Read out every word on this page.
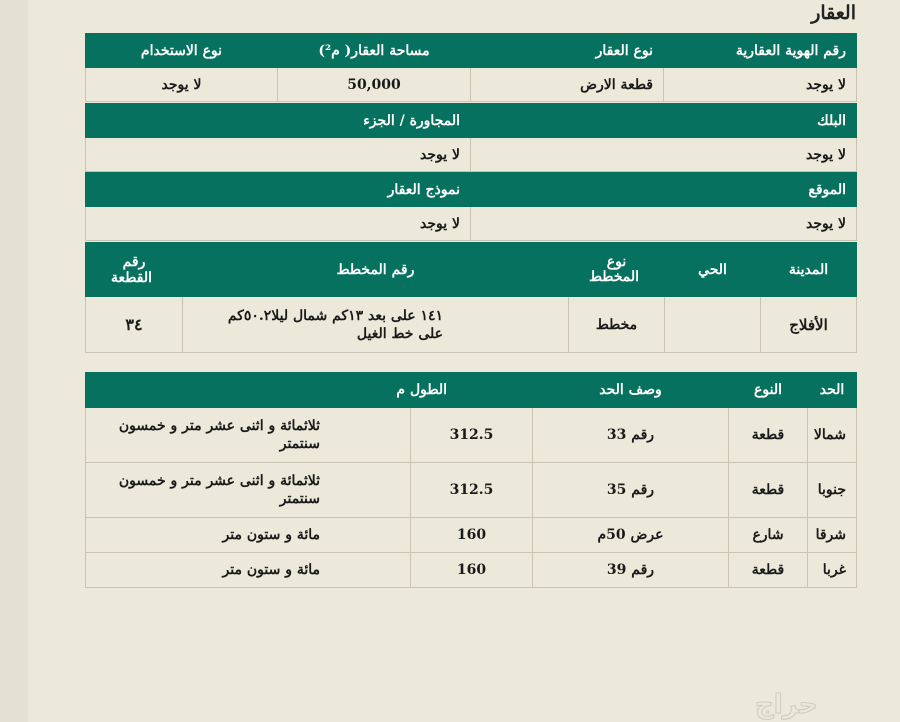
العقار
رقم الهوية العقارية	نوع العقار	مساحة العقار( م²)	نوع الاستخدام
لا يوجد	قطعة الارض	50,000	لا يوجد
البلك	المجاورة / الجزء
لا يوجد	لا يوجد
الموقع	نموذج العقار
لا يوجد	لا يوجد
المدينة	الحي	نوع المخطط	رقم المخطط	رقم القطعة
الأفلاج		مخطط	١٤١ على بعد ١٣كم شمال ليلا٥٠.٢كم على خط الغيل	٣٤
الحد	النوع	وصف الحد	الطول م	
شمالا	قطعة	رقم 33	312.5	ثلاثمائة و اثنى عشر متر و خمسون سنتمتر
جنوبا	قطعة	رقم 35	312.5	ثلاثمائة و اثنى عشر متر و خمسون سنتمتر
شرقا	شارع	عرض 50م	160	مائة و ستون متر
غربا	قطعة	رقم 39	160	مائة و ستون متر
حراج
